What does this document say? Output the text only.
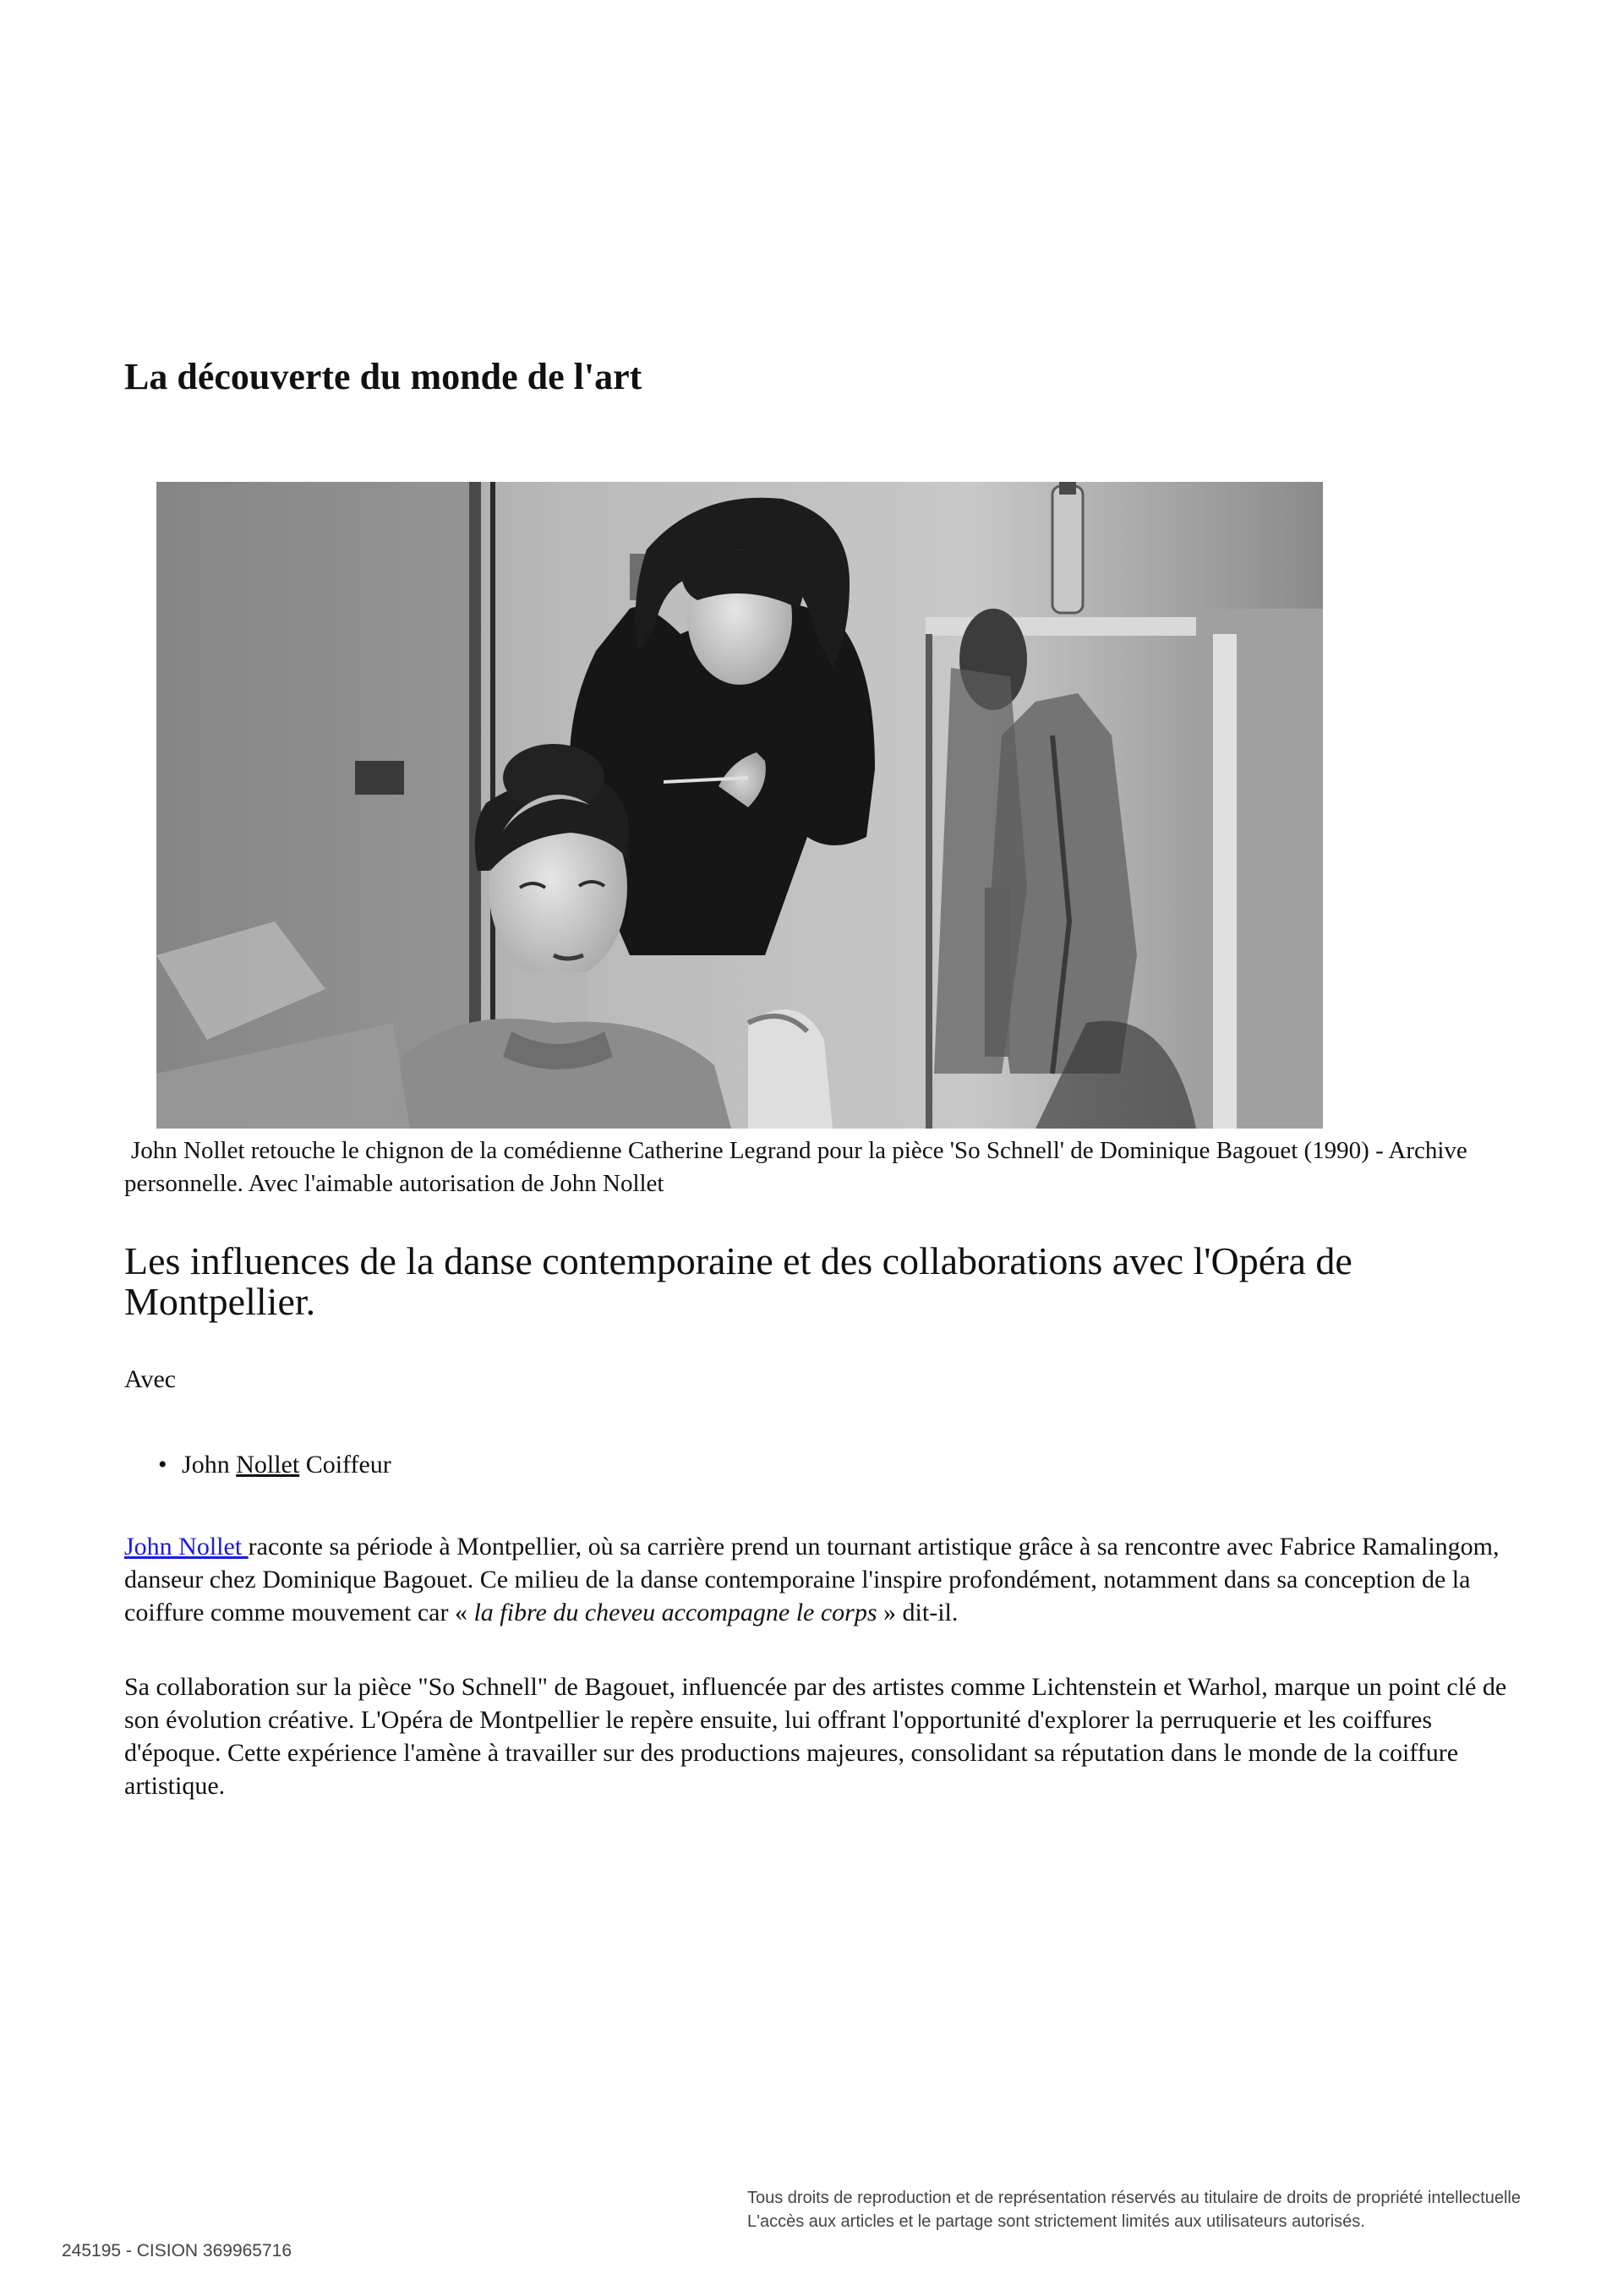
La découverte du monde de l'art

John Nollet retouche le chignon de la comédienne Catherine Legrand pour la pièce 'So Schnell' de Dominique Bagouet (1990) - Archive personnelle. Avec l'aimable autorisation de John Nollet

Les influences de la danse contemporaine et des collaborations avec l'Opéra de Montpellier.

Avec

• John Nollet Coiffeur

John Nollet raconte sa période à Montpellier, où sa carrière prend un tournant artistique grâce à sa rencontre avec Fabrice Ramalingom, danseur chez Dominique Bagouet. Ce milieu de la danse contemporaine l'inspire profondément, notamment dans sa conception de la coiffure comme mouvement car « la fibre du cheveu accompagne le corps » dit-il.

Sa collaboration sur la pièce "So Schnell" de Bagouet, influencée par des artistes comme Lichtenstein et Warhol, marque un point clé de son évolution créative. L'Opéra de Montpellier le repère ensuite, lui offrant l'opportunité d'explorer la perruquerie et les coiffures d'époque. Cette expérience l'amène à travailler sur des productions majeures, consolidant sa réputation dans le monde de la coiffure artistique.

245195 - CISION 369965716

Tous droits de reproduction et de représentation réservés au titulaire de droits de propriété intellectuelle
L'accès aux articles et le partage sont strictement limités aux utilisateurs autorisés.
